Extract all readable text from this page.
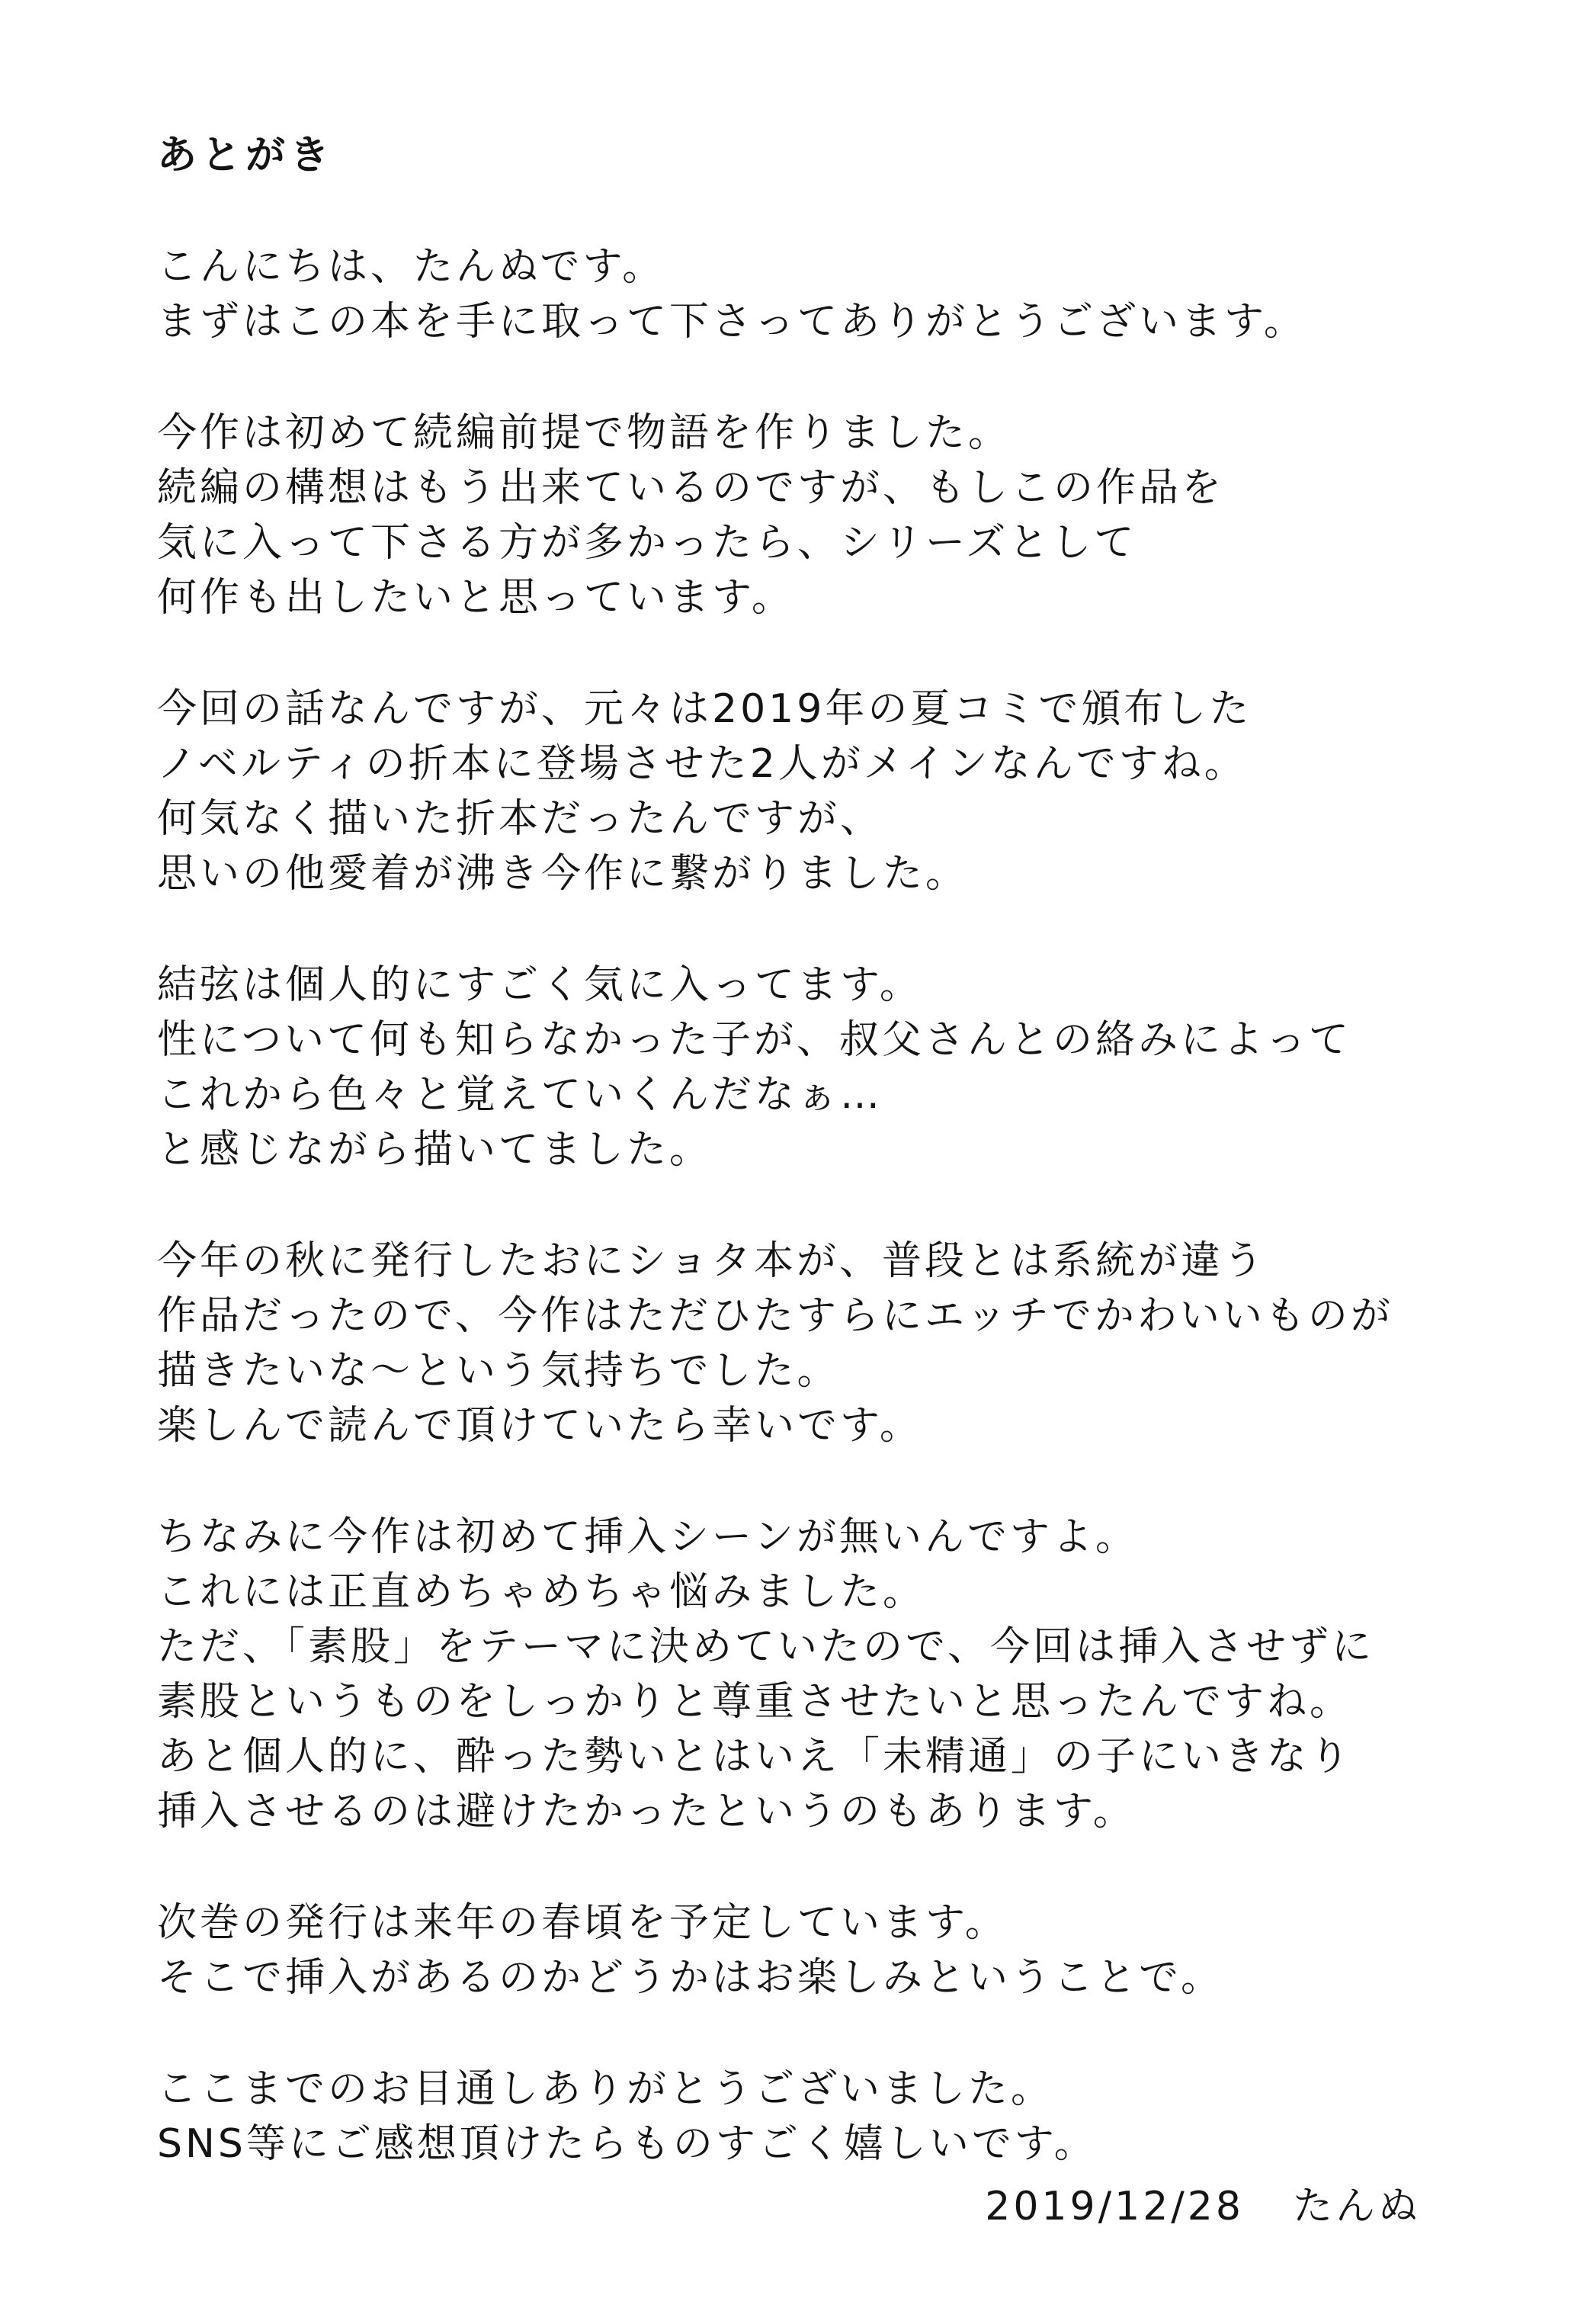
あとがき
こんにちは、たんぬです。
まずはこの本を手に取って下さってありがとうございます。
今作は初めて続編前提で物語を作りました。
続編の構想はもう出来ているのですが、もしこの作品を
気に入って下さる方が多かったら、シリーズとして
何作も出したいと思っています。
今回の話なんですが、元々は2019年の夏コミで頒布した
ノベルティの折本に登場させた2人がメインなんですね。
何気なく描いた折本だったんですが、
思いの他愛着が沸き今作に繋がりました。
結弦は個人的にすごく気に入ってます。
性について何も知らなかった子が、叔父さんとの絡みによって
これから色々と覚えていくんだなぁ…
と感じながら描いてました。
今年の秋に発行したおにショタ本が、普段とは系統が違う
作品だったので、今作はただひたすらにエッチでかわいいものが
描きたいな～という気持ちでした。
楽しんで読んで頂けていたら幸いです。
ちなみに今作は初めて挿入シーンが無いんですよ。
これには正直めちゃめちゃ悩みました。
ただ、「素股」をテーマに決めていたので、今回は挿入させずに
素股というものをしっかりと尊重させたいと思ったんですね。
あと個人的に、酔った勢いとはいえ「未精通」の子にいきなり
挿入させるのは避けたかったというのもあります。
次巻の発行は来年の春頃を予定しています。
そこで挿入があるのかどうかはお楽しみということで。
ここまでのお目通しありがとうございました。
SNS等にご感想頂けたらものすごく嬉しいです。
2019/12/28 たんぬ
